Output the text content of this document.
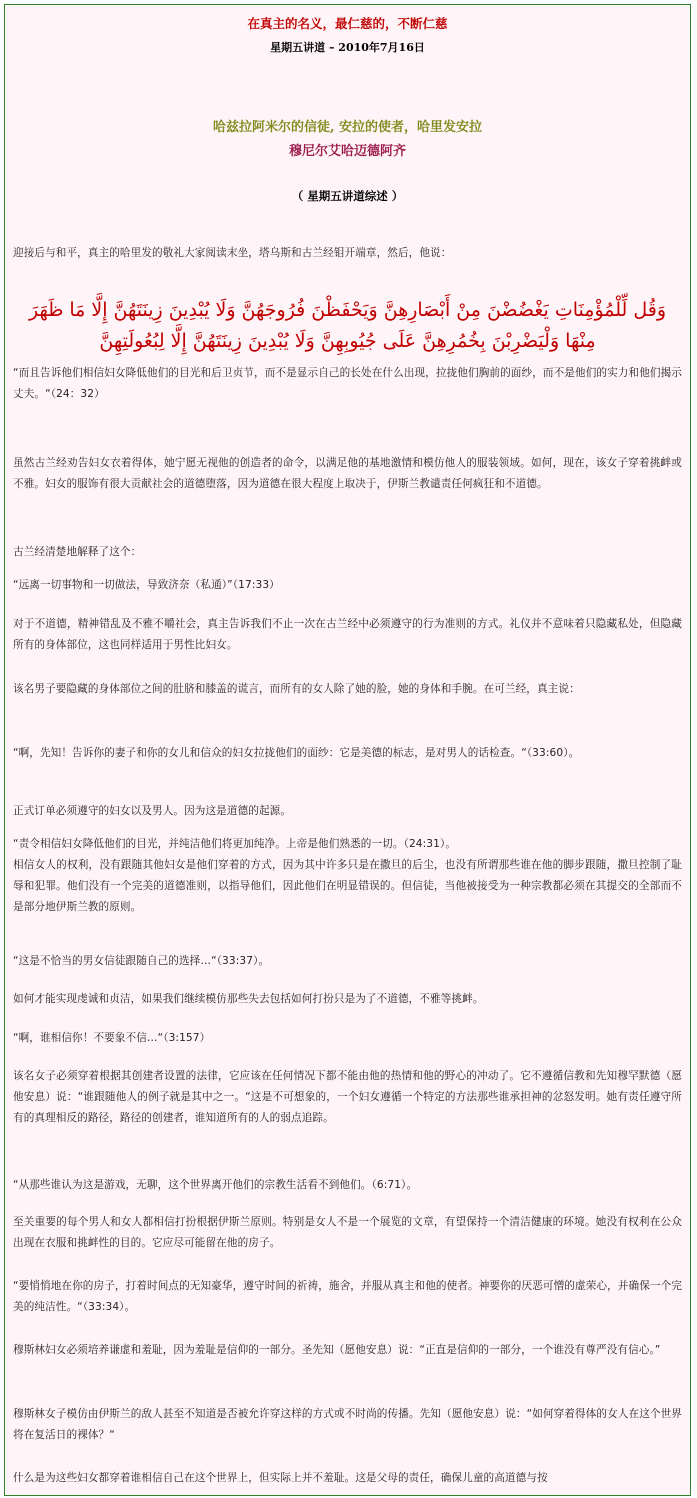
在真主的名义，最仁慈的，不断仁慈
星期五讲道 – 2010年7月16日
哈兹拉阿米尔的信徒, 安拉的使者，哈里发安拉
穆尼尔艾哈迈德阿齐
（ 星期五讲道综述 ）
迎接后与和平，真主的哈里发的敬礼大家阅读末坐，塔乌斯和古兰经钼开端章，然后，他说：
وَقُل لِّلْمُؤْمِنَاتِ يَغْضُضْنَ مِنْ أَبْصَارِهِنَّ وَيَحْفَظْنَ فُرُوجَهُنَّ وَلَا يُبْدِينَ زِينَتَهُنَّ إِلَّا مَا ظَهَرَ مِنْهَا وَلْيَضْرِبْنَ بِخُمُرِهِنَّ عَلَى جُيُوبِهِنَّ وَلَا يُبْدِينَ زِينَتَهُنَّ إِلَّا لِبُعُولَتِهِنَّ
“而且告诉他们相信妇女降低他们的目光和后卫贞节，而不是显示自己的长处在什么出现，拉拢他们胸前的面纱，而不是他们的实力和他们揭示丈夫。“（24：32）
虽然古兰经劝告妇女衣着得体，她宁愿无视他的创造者的命令，以满足他的基地激情和模仿他人的服装领域。如何，现在，该女子穿着挑衅或不雅。妇女的服饰有很大贡献社会的道德堕落，因为道德在很大程度上取决于，伊斯兰教谴责任何疯狂和不道德。
古兰经清楚地解释了这个：
“远离一切事物和一切做法，导致济奈（私通）”（17:33）
对于不道德，精神错乱及不雅不嚼社会，真主告诉我们不止一次在古兰经中必须遵守的行为准则的方式。礼仪并不意味着只隐藏私处，但隐藏所有的身体部位，这也同样适用于男性比妇女。
该名男子要隐藏的身体部位之间的肚脐和膝盖的谎言，而所有的女人除了她的脸，她的身体和手腕。在可兰经，真主说：
“啊，先知！告诉你的妻子和你的女儿和信众的妇女拉拢他们的面纱：它是美德的标志，是对男人的话检查。“（33:60）。
正式订单必须遵守的妇女以及男人。因为这是道德的起源。
“责令相信妇女降低他们的目光，并纯洁他们将更加纯净。上帝是他们熟悉的一切。（24:31）。
相信女人的权利，没有跟随其他妇女是他们穿着的方式，因为其中许多只是在撒旦的后尘，也没有所谓那些谁在他的脚步跟随，撒旦控制了耻辱和犯罪。他们没有一个完美的道德准则，以指导他们，因此他们在明显错误的。但信徒，当他被接受为一种宗教都必须在其提交的全部而不是部分地伊斯兰教的原则。
“这是不恰当的男女信徒跟随自己的选择…“（33:37）。
如何才能实现虔诚和贞洁，如果我们继续模仿那些失去包括如何打扮只是为了不道德，不雅等挑衅。
“啊，谁相信你！不要象不信…“（3:157）
该名女子必须穿着根据其创建者设置的法律，它应该在任何情况下都不能由他的热情和他的野心的冲动了。它不遵循信教和先知穆罕默德（愿他安息）说：“谁跟随他人的例子就是其中之一。“这是不可想象的，一个妇女遵循一个特定的方法那些谁承担神的忿怒发明。她有责任遵守所有的真理相反的路径，路径的创建者，谁知道所有的人的弱点追踪。
“从那些谁认为这是游戏，无聊，这个世界离开他们的宗教生活看不到他们。（6:71）。
至关重要的每个男人和女人都相信打扮根据伊斯兰原则。特别是女人不是一个展览的文章，有望保持一个清洁健康的环境。她没有权利在公众出现在衣服和挑衅性的目的。它应尽可能留在他的房子。
“要悄悄地在你的房子，打着时间点的无知豪华，遵守时间的祈祷，施舍，并服从真主和他的使者。神要你的厌恶可憎的虚荣心，并确保一个完美的纯洁性。“（33:34）。
穆斯林妇女必须培养谦虚和羞耻，因为羞耻是信仰的一部分。圣先知（愿他安息）说：“正直是信仰的一部分，一个谁没有尊严没有信心。”
穆斯林女子模仿由伊斯兰的敌人甚至不知道是否被允许穿这样的方式或不时尚的传播。先知（愿他安息）说：“如何穿着得体的女人在这个世界将在复活日的裸体？“
什么是为这些妇女都穿着谁相信自己在这个世界上，但实际上并不羞耻。这是父母的责任，确保儿童的高道德与按
